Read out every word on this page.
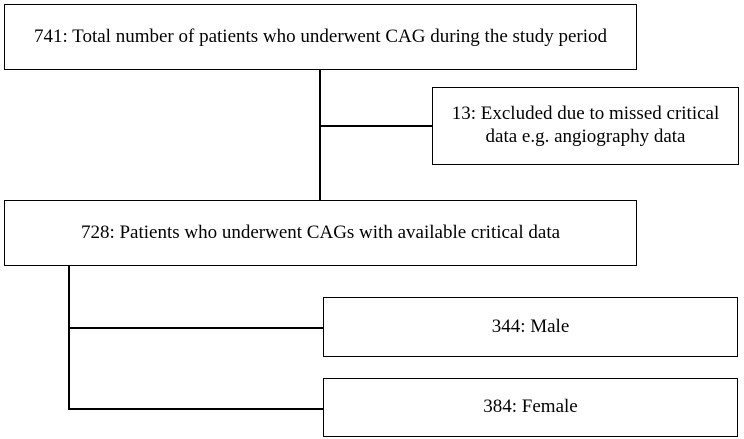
741: Total number of patients who underwent CAG during the study period
13: Excluded due to missed critical data e.g. angiography data
728: Patients who underwent CAGs with available critical data
344: Male
384: Female
